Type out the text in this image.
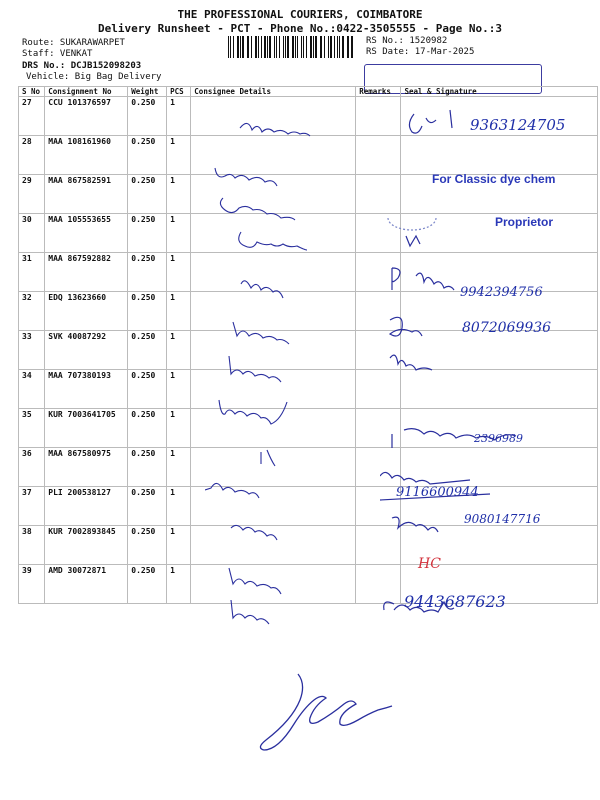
THE PROFESSIONAL COURIERS, COIMBATORE
Delivery Runsheet - PCT - Phone No.:0422-3505555 - Page No.:3
Route: SUKARAWARPET
Staff: VENKAT
DRS No.: DCJB152098203
Vehicle: Big Bag Delivery
RS No.: 1520982
RS Date: 17-Mar-2025
S No	Consignment No	Weight	PCS	Consignee Details	Remarks	Seal & Signature
27	CCU 101376597	0.250	1			
28	MAA 108161960	0.250	1			
29	MAA 867582591	0.250	1			
30	MAA 105553655	0.250	1			
31	MAA 867592882	0.250	1			
32	EDQ 13623660	0.250	1			
33	SVK 40087292	0.250	1			
34	MAA 707380193	0.250	1			
35	KUR 7003641705	0.250	1			
36	MAA 867580975	0.250	1			
37	PLI 200538127	0.250	1			
38	KUR 7002893845	0.250	1			
39	AMD 30072871	0.250	1			
9363124705
For Classic dye chem
Proprietor
9942394756
8072069936
2396989
9116600944
9080147716
HC
9443687623
